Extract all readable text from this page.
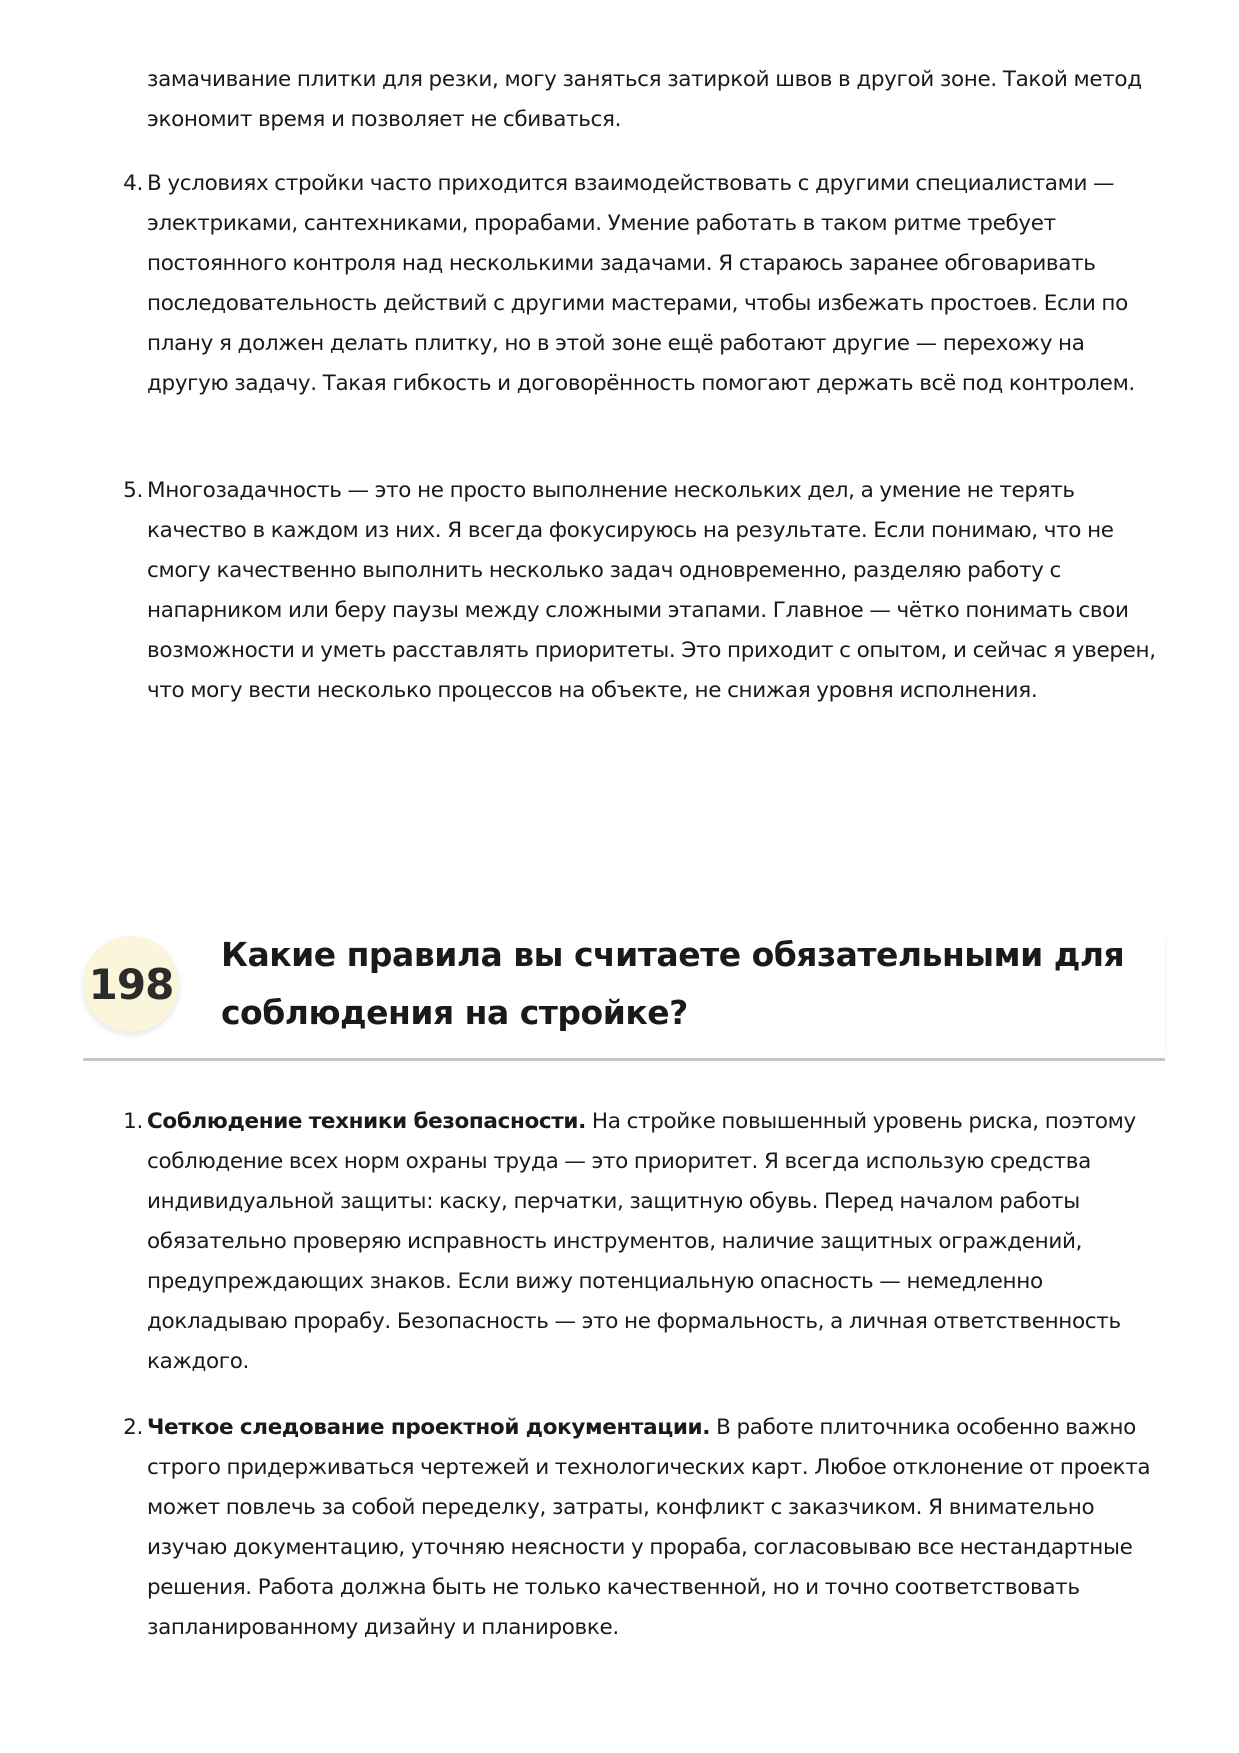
замачивание плитки для резки, могу заняться затиркой швов в другой зоне. Такой метод экономит время и позволяет не сбиваться.

4. В условиях стройки часто приходится взаимодействовать с другими специалистами — электриками, сантехниками, прорабами. Умение работать в таком ритме требует постоянного контроля над несколькими задачами. Я стараюсь заранее обговаривать последовательность действий с другими мастерами, чтобы избежать простоев. Если по плану я должен делать плитку, но в этой зоне ещё работают другие — перехожу на другую задачу. Такая гибкость и договорённость помогают держать всё под контролем.

5. Многозадачность — это не просто выполнение нескольких дел, а умение не терять качество в каждом из них. Я всегда фокусируюсь на результате. Если понимаю, что не смогу качественно выполнить несколько задач одновременно, разделяю работу с напарником или беру паузы между сложными этапами. Главное — чётко понимать свои возможности и уметь расставлять приоритеты. Это приходит с опытом, и сейчас я уверен, что могу вести несколько процессов на объекте, не снижая уровня исполнения.

198
Какие правила вы считаете обязательными для соблюдения на стройке?

1. Соблюдение техники безопасности. На стройке повышенный уровень риска, поэтому соблюдение всех норм охраны труда — это приоритет. Я всегда использую средства индивидуальной защиты: каску, перчатки, защитную обувь. Перед началом работы обязательно проверяю исправность инструментов, наличие защитных ограждений, предупреждающих знаков. Если вижу потенциальную опасность — немедленно докладываю прорабу. Безопасность — это не формальность, а личная ответственность каждого.

2. Четкое следование проектной документации. В работе плиточника особенно важно строго придерживаться чертежей и технологических карт. Любое отклонение от проекта может повлечь за собой переделку, затраты, конфликт с заказчиком. Я внимательно изучаю документацию, уточняю неясности у прораба, согласовываю все нестандартные решения. Работа должна быть не только качественной, но и точно соответствовать запланированному дизайну и планировке.
